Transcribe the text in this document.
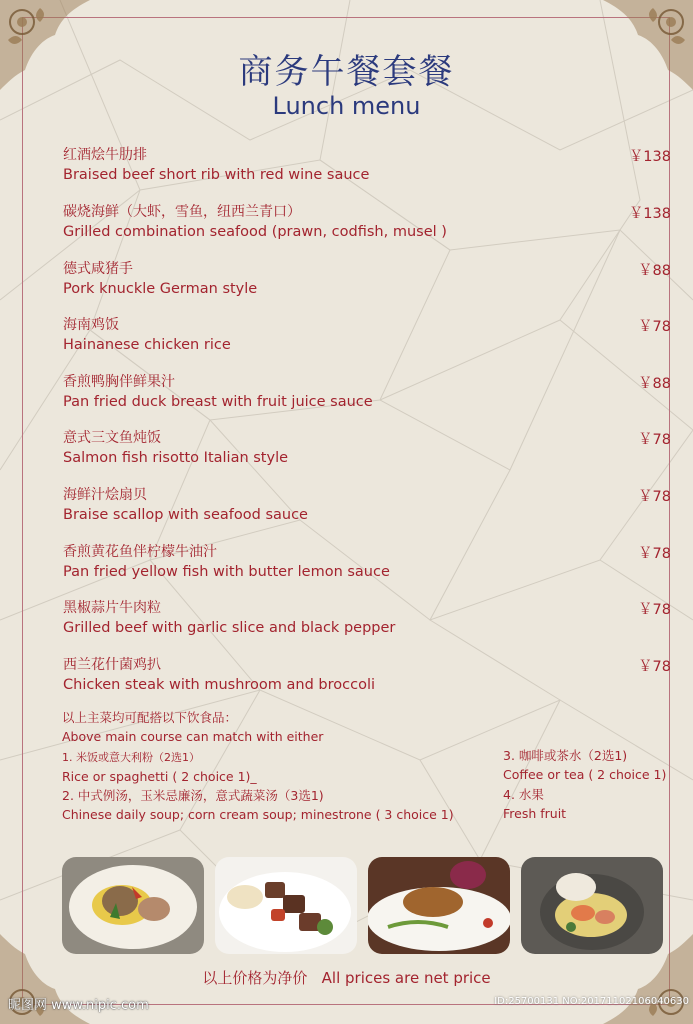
商务午餐套餐
Lunch menu
红酒烩牛肋排
Braised beef short rib with red wine sauce
￥138
碳烧海鲜（大虾，雪鱼，纽西兰青口）
Grilled combination seafood (prawn, codfish, musel )
￥138
德式咸猪手
Pork knuckle German style
￥88
海南鸡饭
Hainanese chicken rice
￥78
香煎鸭胸伴鲜果汁
Pan fried duck breast with fruit juice sauce
￥88
意式三文鱼炖饭
Salmon fish risotto Italian style
￥78
海鲜汁烩扇贝
Braise scallop with seafood sauce
￥78
香煎黄花鱼伴柠檬牛油汁
Pan fried yellow fish with butter lemon sauce
￥78
黑椒蒜片牛肉粒
Grilled beef with garlic slice and black pepper
￥78
西兰花什菌鸡扒
Chicken steak with mushroom and broccoli
￥78
以上主菜均可配搭以下饮食品：
Above main course can match with either
1. 米饭或意大利粉（2选1）
Rice or spaghetti ( 2 choice 1)_
2. 中式例汤，玉米忌廉汤，意式蔬菜汤（3选1)
Chinese daily soup; corn cream soup; minestrone ( 3 choice 1)
3. 咖啡或茶水（2选1)
Coffee or tea ( 2 choice 1)
4. 水果
Fresh fruit
以上价格为净价 All prices are net price
昵图网 www.nipic.com	ID:25700131 NO:20171102106040630
